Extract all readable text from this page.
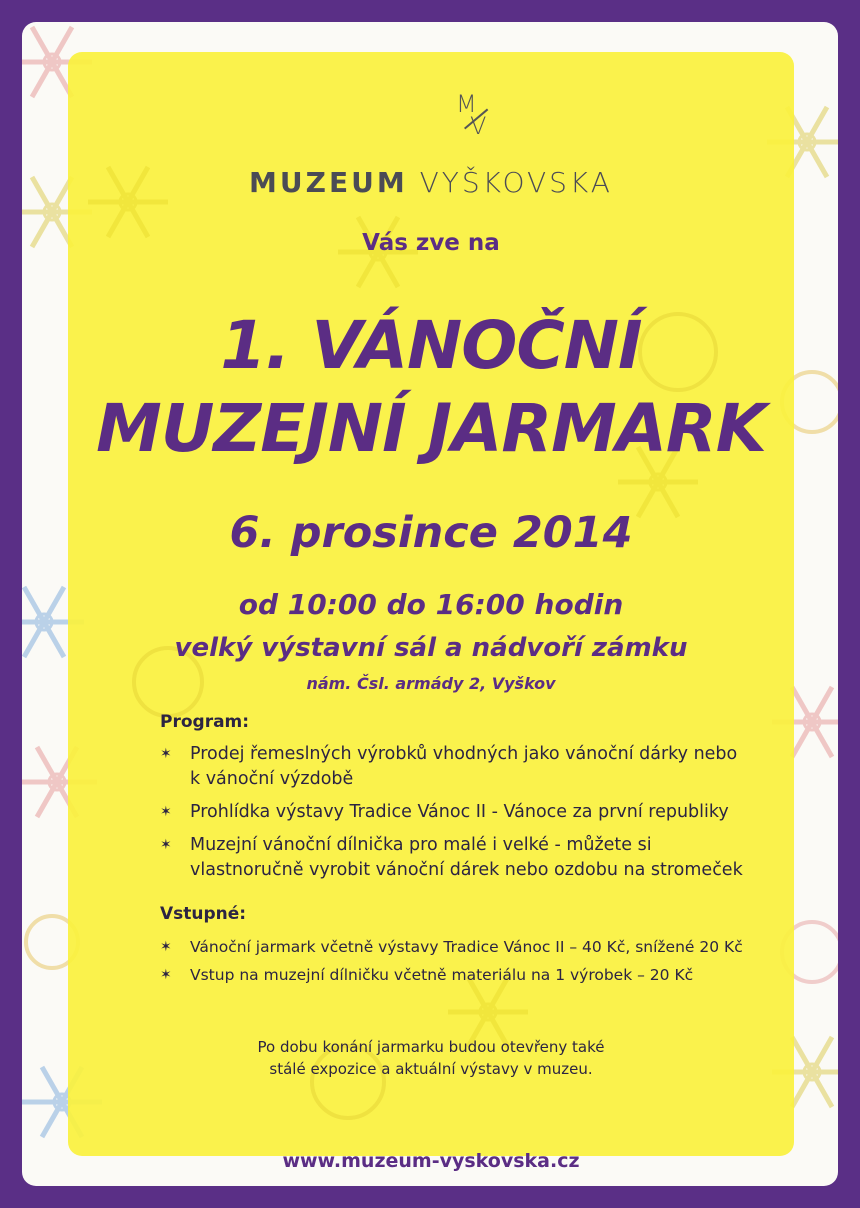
M
V
MUZEUM VYŠKOVSKA
Vás zve na
1. VÁNOČNÍ
MUZEJNÍ JARMARK
6. prosince 2014
od 10:00 do 16:00 hodin
velký výstavní sál a nádvoří zámku
nám. Čsl. armády 2, Vyškov
Program:
✶ Prodej řemeslných výrobků vhodných jako vánoční dárky nebo
k vánoční výzdobě
✶ Prohlídka výstavy Tradice Vánoc II - Vánoce za první republiky
✶ Muzejní vánoční dílnička pro malé i velké - můžete si
vlastnoručně vyrobit vánoční dárek nebo ozdobu na stromeček
Vstupné:
✶ Vánoční jarmark včetně výstavy Tradice Vánoc II – 40 Kč, snížené 20 Kč
✶ Vstup na muzejní dílničku včetně materiálu na 1 výrobek – 20 Kč
Po dobu konání jarmarku budou otevřeny také
stálé expozice a aktuální výstavy v muzeu.
www.muzeum-vyskovska.cz
